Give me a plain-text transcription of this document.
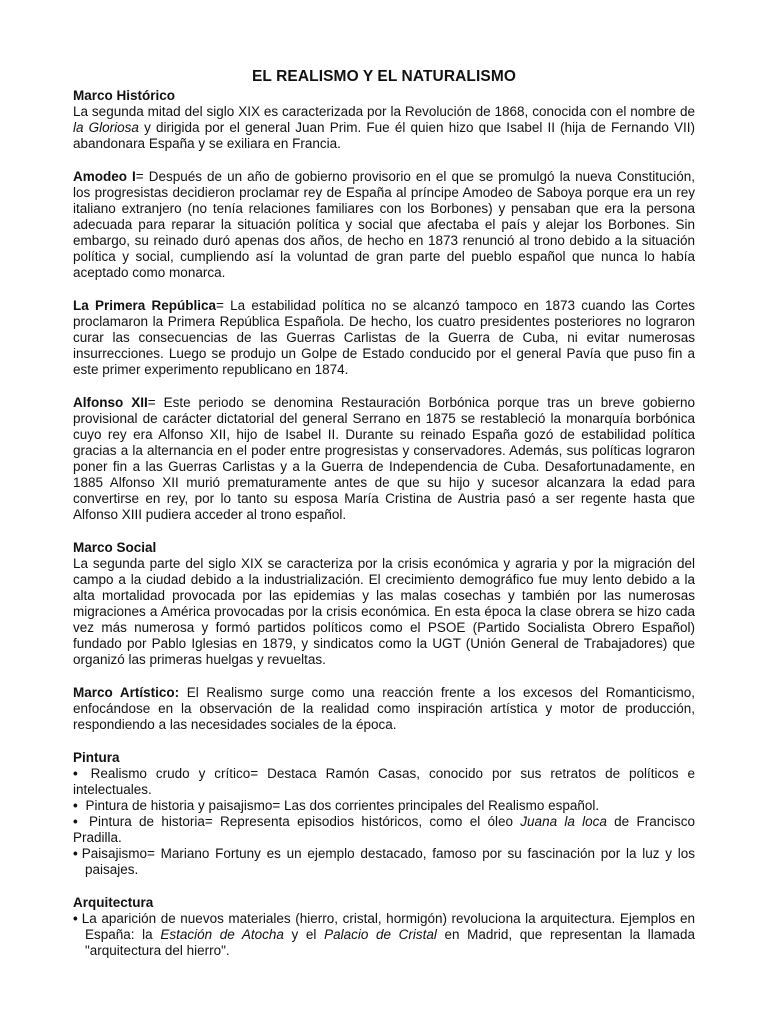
EL REALISMO Y EL NATURALISMO
Marco Histórico

La segunda mitad del siglo XIX es caracterizada por la Revolución de 1868, conocida con el nombre de la Gloriosa y dirigida por el general Juan Prim. Fue él quien hizo que Isabel II (hija de Fernando VII) abandonara España y se exiliara en Francia.

Amodeo I= Después de un año de gobierno provisorio en el que se promulgó la nueva Constitución, los progresistas decidieron proclamar rey de España al príncipe Amodeo de Saboya porque era un rey italiano extranjero (no tenía relaciones familiares con los Borbones) y pensaban que era la persona adecuada para reparar la situación política y social que afectaba el país y alejar los Borbones. Sin embargo, su reinado duró apenas dos años, de hecho en 1873 renunció al trono debido a la situación política y social, cumpliendo así la voluntad de gran parte del pueblo español que nunca lo había aceptado como monarca.

La Primera República= La estabilidad política no se alcanzó tampoco en 1873 cuando las Cortes proclamaron la Primera República Española. De hecho, los cuatro presidentes posteriores no lograron curar las consecuencias de las Guerras Carlistas de la Guerra de Cuba, ni evitar numerosas insurrecciones. Luego se produjo un Golpe de Estado conducido por el general Pavía que puso fin a este primer experimento republicano en 1874.

Alfonso XII= Este periodo se denomina Restauración Borbónica porque tras un breve gobierno provisional de carácter dictatorial del general Serrano en 1875 se restableció la monarquía borbónica cuyo rey era Alfonso XII, hijo de Isabel II. Durante su reinado España gozó de estabilidad política gracias a la alternancia en el poder entre progresistas y conservadores. Además, sus políticas lograron poner fin a las Guerras Carlistas y a la Guerra de Independencia de Cuba. Desafortunadamente, en 1885 Alfonso XII murió prematuramente antes de que su hijo y sucesor alcanzara la edad para convertirse en rey, por lo tanto su esposa María Cristina de Austria pasó a ser regente hasta que Alfonso XIII pudiera acceder al trono español.

Marco Social

La segunda parte del siglo XIX se caracteriza por la crisis económica y agraria y por la migración del campo a la ciudad debido a la industrialización. El crecimiento demográfico fue muy lento debido a la alta mortalidad provocada por las epidemias y las malas cosechas y también por las numerosas migraciones a América provocadas por la crisis económica. En esta época la clase obrera se hizo cada vez más numerosa y formó partidos políticos como el PSOE (Partido Socialista Obrero Español) fundado por Pablo Iglesias en 1879, y sindicatos como la UGT (Unión General de Trabajadores) que organizó las primeras huelgas y revueltas.

Marco Artístico: El Realismo surge como una reacción frente a los excesos del Romanticismo, enfocándose en la observación de la realidad como inspiración artística y motor de producción, respondiendo a las necesidades sociales de la época.

Pintura
• Realismo crudo y crítico= Destaca Ramón Casas, conocido por sus retratos de políticos e intelectuales.
• Pintura de historia y paisajismo= Las dos corrientes principales del Realismo español.
• Pintura de historia= Representa episodios históricos, como el óleo Juana la loca de Francisco Pradilla.
• Paisajismo= Mariano Fortuny es un ejemplo destacado, famoso por su fascinación por la luz y los paisajes.
Arquitectura
• La aparición de nuevos materiales (hierro, cristal, hormigón) revoluciona la arquitectura. Ejemplos en España: la Estación de Atocha y el Palacio de Cristal en Madrid, que representan la llamada "arquitectura del hierro".
